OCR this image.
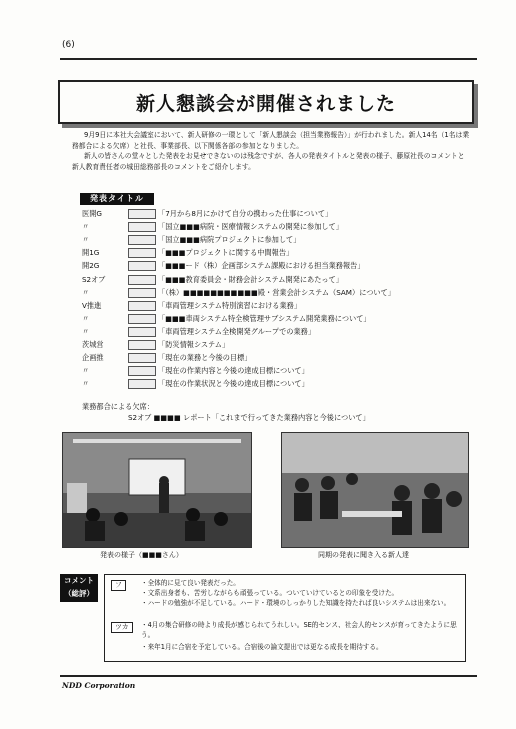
(6)
新人懇談会が開催されました

9月9日に本社大会議室において、新人研修の一環として「新人懇談会（担当業務報告）」が行われました。新人14名（1名は業務都合による欠席）と社長、事業部長、以下関係各部の参加となりました。

新人の皆さんの堂々とした発表をお見せできないのは残念ですが、各人の発表タイトルと発表の様子、藤原社長のコメントと新人教育責任者の城田総務部長のコメントをご紹介します。

発表タイトル
医開G	「7月から8月にかけて自分の携わった仕事について」
〃	「国立■■■病院・医療情報システムの開発に参加して」
〃	「国立■■■病院プロジェクトに参加して」
開1G	「■■■プロジェクトに関する中間報告」
開2G	「■■■ード（株）企画部システム課殿における担当業務報告」
S2オブ	「■■■教育委員会・財務会計システム開発にあたって」
〃	「（株）■■■■■■■■■■■殿・営業会計システム（SAM）について」
V推進	「車両管理システム特別演習における業務」
〃	「■■■車両システム特全検管理サブシステム開発業務について」
〃	「車両管理システム全検開発グループでの業務」
茨城営	「防災情報システム」
企画推	「現在の業務と今後の目標」
〃	「現在の作業内容と今後の達成目標について」
〃	「現在の作業状況と今後の達成目標について」
業務都合による欠席：
S2オブ ■■■■ レポート「これまで行ってきた業務内容と今後について」
発表の様子（■■■さん）	同期の発表に聞き入る新人達
コメント
（総評）
フ	・全体的に見て良い発表だった。
・文系出身者も、苦労しながらも頑張っている。ついていけているとの印象を受けた。
・ハードの勉強が不足している。ハード・環境のしっかりした知識を持たれば良いシステムは出来ない。
ツカ	・4月の集合研修の時より成長が感じられてうれしい。SE的センス、社会人的センスが育ってきたように思う。
・来年1月に合宿を予定している。合宿後の論文提出では更なる成長を期待する。
NDD Corporation
